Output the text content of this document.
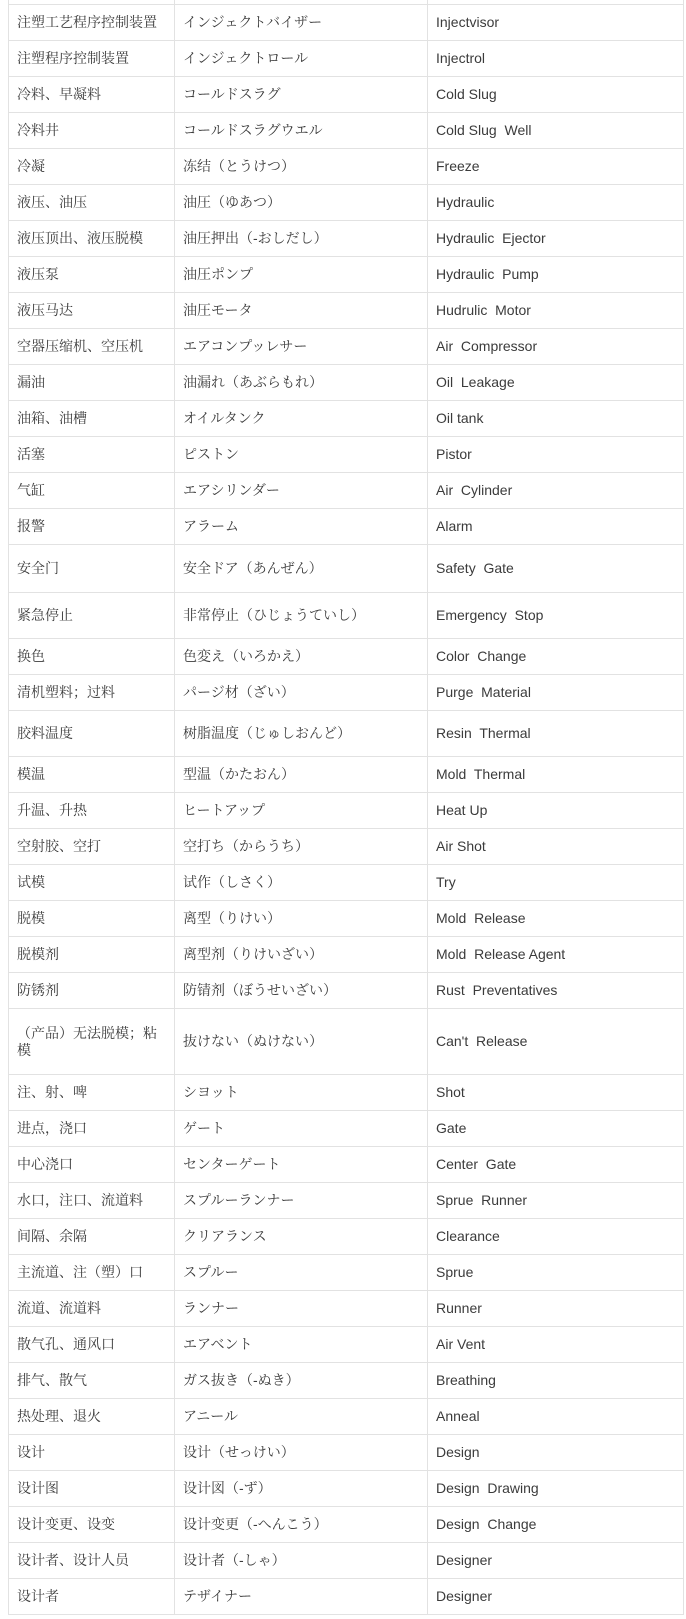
注塑工艺程序控制装置	インジェクトバイザー	Injectvisor
注塑程序控制装置	インジェクトロール	Injectrol
冷料、早凝料	コールドスラグ	Cold Slug
冷料井	コールドスラグウエル	Cold Slug  Well
冷凝	冻结（とうけつ）	Freeze
液压、油压	油圧（ゆあつ）	Hydraulic
液压顶出、液压脱模	油圧押出（-おしだし）	Hydraulic  Ejector
液压泵	油圧ポンプ	Hydraulic  Pump
液压马达	油圧モータ	Hudrulic  Motor
空器压缩机、空压机	エアコンプッレサー	Air  Compressor
漏油	油漏れ（あぶらもれ）	Oil  Leakage
油箱、油槽	オイルタンク	Oil tank
活塞	ピストン	Pistor
气缸	エアシリンダー	Air  Cylinder
报警	アラーム	Alarm
安全门	安全ドア（あんぜん）	Safety  Gate
紧急停止	非常停止（ひじょうていし）	Emergency  Stop
换色	色変え（いろかえ）	Color  Change
清机塑料；过料	パージ材（ざい）	Purge  Material
胶料温度	树脂温度（じゅしおんど）	Resin  Thermal
模温	型温（かたおん）	Mold  Thermal
升温、升热	ヒートアップ	Heat Up
空射胶、空打	空打ち（からうち）	Air Shot
试模	试作（しさく）	Try
脱模	离型（りけい）	Mold  Release
脱模剂	离型剂（りけいざい）	Mold  Release Agent
防锈剂	防锖剂（ぼうせいざい）	Rust  Preventatives
（产品）无法脱模；粘模	抜けない（ぬけない）	Can't  Release
注、射、啤	シヨット	Shot
进点，浇口	ゲート	Gate
中心浇口	センターゲート	Center  Gate
水口，注口、流道料	スプルーランナー	Sprue  Runner
间隔、余隔	クリアランス	Clearance
主流道、注（塑）口	スプルー	Sprue
流道、流道料	ランナー	Runner
散气孔、通风口	エアベント	Air Vent
排气、散气	ガス抜き（-ぬき）	Breathing
热处理、退火	アニール	Anneal
设计	设计（せっけい）	Design
设计图	设计図（-ず）	Design  Drawing
设计变更、设变	设计变更（-へんこう）	Design  Change
设计者、设计人员	设计者（-しゃ）	Designer
设计者	テザイナー	Designer
